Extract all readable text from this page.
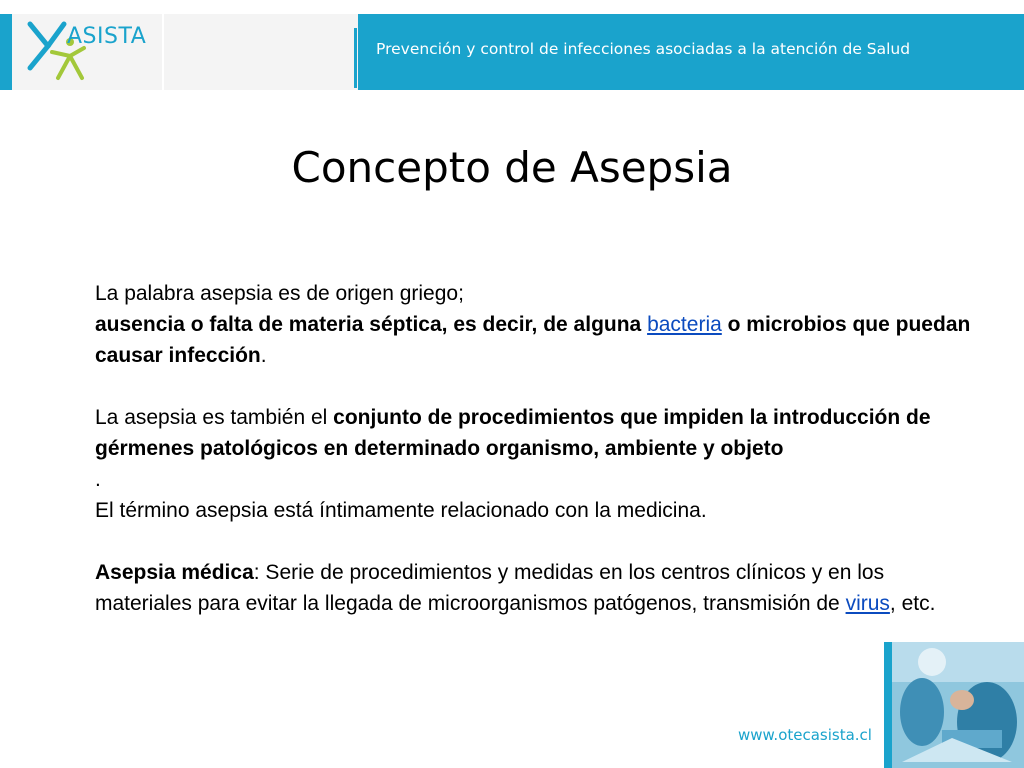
Prevención y control de infecciones asociadas a la atención de Salud
ASISTA
Concepto de Asepsia

La palabra asepsia es de origen griego;
ausencia o falta de materia séptica, es decir, de alguna bacteria o microbios que puedan causar infección.

La asepsia es también el conjunto de procedimientos que impiden la introducción de gérmenes patológicos en determinado organismo, ambiente y objeto

.

El término asepsia está íntimamente relacionado con la medicina.

Asepsia médica: Serie de procedimientos y medidas en los centros clínicos y en los materiales para evitar la llegada de microorganismos patógenos, transmisión de virus, etc.

www.otecasista.cl
